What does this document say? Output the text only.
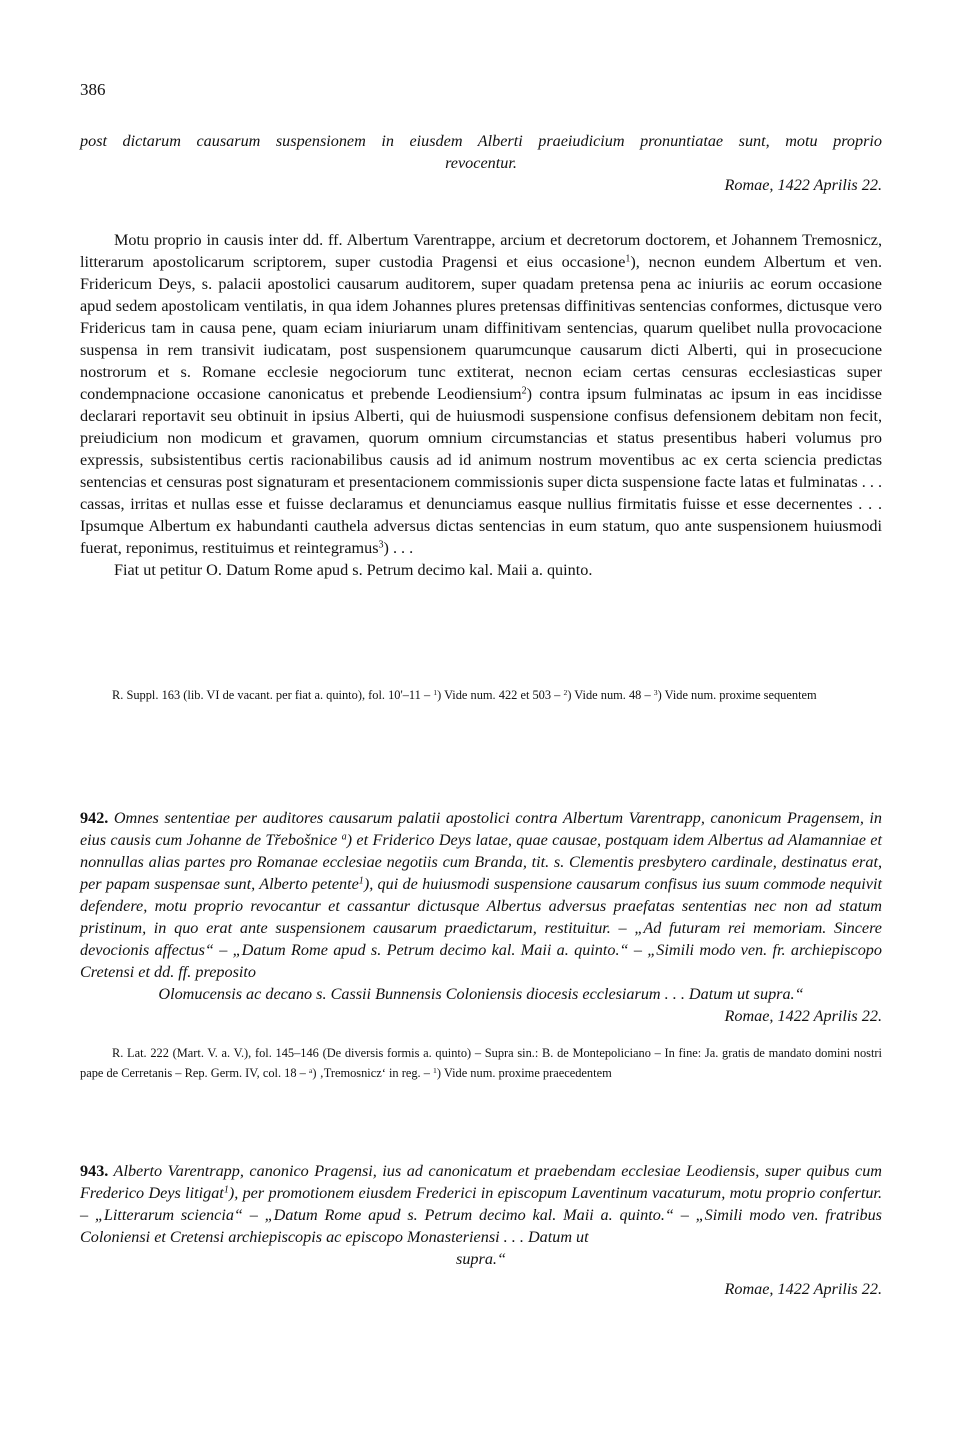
386

post dictarum causarum suspensionem in eiusdem Alberti praeiudicium pronuntiatae sunt, motu proprio

revocentur.

Romae, 1422 Aprilis 22.

Motu proprio in causis inter dd. ff. Albertum Varentrappe, arcium et decretorum doctorem, et Johannem Tremosnicz, litterarum apostolicarum scriptorem, super custodia Pragensi et eius occasione$^1$), necnon eundem Albertum et ven. Fridericum Deys, s. palacii apostolici causarum auditorem, super quadam pretensa pena ac iniuriis ac eorum occasione apud sedem apostolicam ventilatis, in qua idem Johannes plures pretensas diffinitivas sentencias conformes, dictusque vero Fridericus tam in causa pene, quam eciam iniuriarum unam diffinitivam sentencias, quarum quelibet nulla provocacione suspensa in rem transivit iudicatam, post suspensionem quarumcunque causarum dicti Alberti, qui in prosecucione nostrorum et s. Romane ecclesie negociorum tunc extiterat, necnon eciam certas censuras ecclesiasticas super condempnacione occasione canonicatus et prebende Leodiensium$^2$) contra ipsum fulminatas ac ipsum in eas incidisse declarari reportavit seu obtinuit in ipsius Alberti, qui de huiusmodi suspensione confisus defensionem debitam non fecit, preiudicium non modicum et gravamen, quorum omnium circumstancias et status presentibus haberi volumus pro expressis, subsistentibus certis racionabilibus causis ad id animum nostrum moventibus ac ex certa sciencia predictas sentencias et censuras post signaturam et presentacionem commissionis super dicta suspensione facte latas et fulminatas . . . cassas, irritas et nullas esse et fuisse declaramus et denunciamus easque nullius firmitatis fuisse et esse decernentes . . . Ipsumque Albertum ex habundanti cauthela adversus dictas sentencias in eum statum, quo ante suspensionem huiusmodi fuerat, reponimus, restituimus et reintegramus$^3$) . . .

Fiat ut petitur O. Datum Rome apud s. Petrum decimo kal. Maii a. quinto.

R. Suppl. 163 (lib. VI de vacant. per fiat a. quinto), fol. 10'–11 – $^1$) Vide num. 422 et 503 – $^2$) Vide num. 48 – $^3$) Vide num. proxime sequentem

942. Omnes sententiae per auditores causarum palatii apostolici contra Albertum Varentrapp, canonicum Pragensem, in eius causis cum Johanne de Třebošnice $^a$) et Friderico Deys latae, quae causae, postquam idem Albertus ad Alamanniae et nonnullas alias partes pro Romanae ecclesiae negotiis cum Branda, tit. s. Clementis presbytero cardinale, destinatus erat, per papam suspensae sunt, Alberto petente$^1$), qui de huiusmodi suspensione causarum confisus ius suum commode nequivit defendere, motu proprio revocantur et cassantur dictusque Albertus adversus praefatas sententias nec non ad statum pristinum, in quo erat ante suspensionem causarum praedictarum, restituitur. – „Ad futuram rei memoriam. Sincere devocionis affectus“ – „Datum Rome apud s. Petrum decimo kal. Maii a. quinto.“ – „Simili modo ven. fr. archiepiscopo Cretensi et dd. ff. preposito

Olomucensis ac decano s. Cassii Bunnensis Coloniensis diocesis ecclesiarum . . . Datum ut supra.“

Romae, 1422 Aprilis 22.

R. Lat. 222 (Mart. V. a. V.), fol. 145–146 (De diversis formis a. quinto) – Supra sin.: B. de Montepoliciano – In fine: Ja. gratis de mandato domini nostri pape de Cerretanis – Rep. Germ. IV, col. 18 – $^a$) ‚Tremosnicz‘ in reg. – $^1$) Vide num. proxime praecedentem

943. Alberto Varentrapp, canonico Pragensi, ius ad canonicatum et praebendam ecclesiae Leodiensis, super quibus cum Frederico Deys litigat$^1$), per promotionem eiusdem Frederici in episcopum Laventinum vacaturum, motu proprio confertur. – „Litterarum sciencia“ – „Datum Rome apud s. Petrum decimo kal. Maii a. quinto.“ – „Simili modo ven. fratribus Coloniensi et Cretensi archiepiscopis ac episcopo Monasteriensi . . . Datum ut

supra.“

Romae, 1422 Aprilis 22.
